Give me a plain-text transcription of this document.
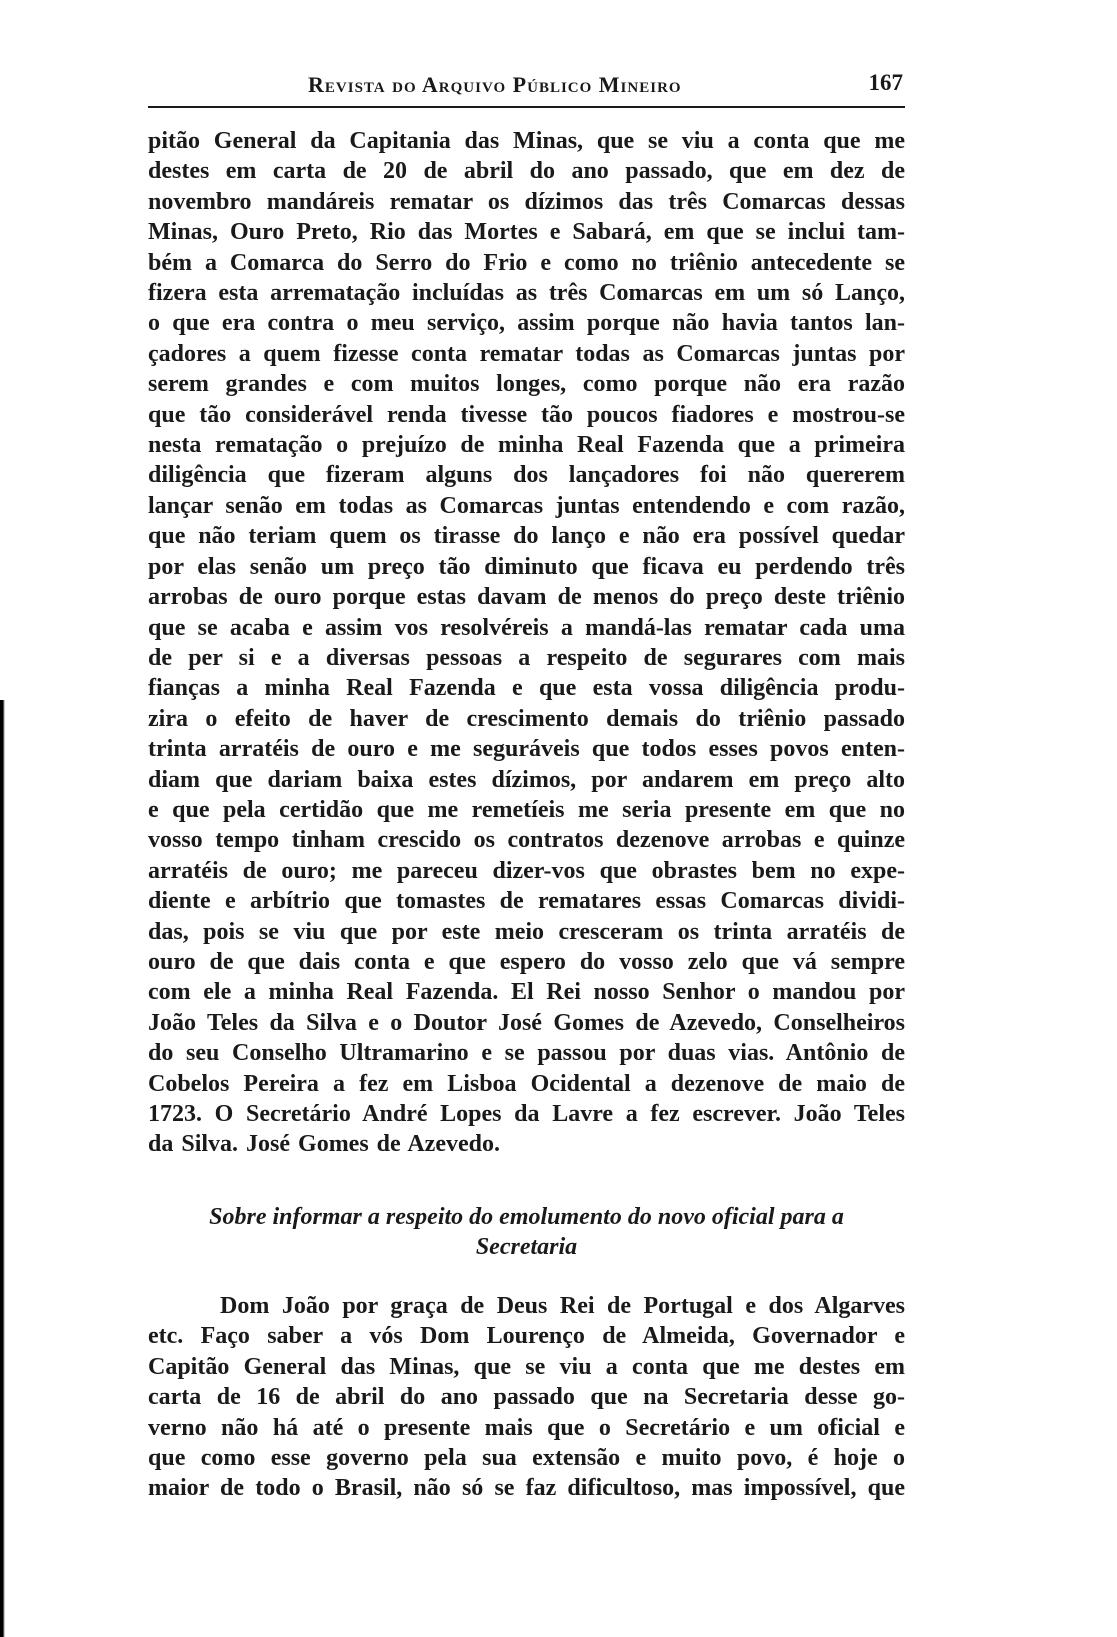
Revista do Arquivo Público Mineiro	167

pitão General da Capitania das Minas, que se viu a conta que me
destes em carta de 20 de abril do ano passado, que em dez de
novembro mandáreis rematar os dízimos das três Comarcas dessas
Minas, Ouro Preto, Rio das Mortes e Sabará, em que se inclui tam-
bém a Comarca do Serro do Frio e como no triênio antecedente se
fizera esta arrematação incluídas as três Comarcas em um só Lanço,
o que era contra o meu serviço, assim porque não havia tantos lan-
çadores a quem fizesse conta rematar todas as Comarcas juntas por
serem grandes e com muitos longes, como porque não era razão
que tão considerável renda tivesse tão poucos fiadores e mostrou-se
nesta rematação o prejuízo de minha Real Fazenda que a primeira
diligência que fizeram alguns dos lançadores foi não quererem
lançar senão em todas as Comarcas juntas entendendo e com razão,
que não teriam quem os tirasse do lanço e não era possível quedar
por elas senão um preço tão diminuto que ficava eu perdendo três
arrobas de ouro porque estas davam de menos do preço deste triênio
que se acaba e assim vos resolvéreis a mandá-las rematar cada uma
de per si e a diversas pessoas a respeito de segurares com mais
fianças a minha Real Fazenda e que esta vossa diligência produ-
zira o efeito de haver de crescimento demais do triênio passado
trinta arratéis de ouro e me seguráveis que todos esses povos enten-
diam que dariam baixa estes dízimos, por andarem em preço alto
e que pela certidão que me remetíeis me seria presente em que no
vosso tempo tinham crescido os contratos dezenove arrobas e quinze
arratéis de ouro; me pareceu dizer-vos que obrastes bem no expe-
diente e arbítrio que tomastes de rematares essas Comarcas dividi-
das, pois se viu que por este meio cresceram os trinta arratéis de
ouro de que dais conta e que espero do vosso zelo que vá sempre
com ele a minha Real Fazenda. El Rei nosso Senhor o mandou por
João Teles da Silva e o Doutor José Gomes de Azevedo, Conselheiros
do seu Conselho Ultramarino e se passou por duas vias. Antônio de
Cobelos Pereira a fez em Lisboa Ocidental a dezenove de maio de
1723. O Secretário André Lopes da Lavre a fez escrever. João Teles
da Silva. José Gomes de Azevedo.

Sobre informar a respeito do emolumento do novo oficial para a
Secretaria

Dom João por graça de Deus Rei de Portugal e dos Algarves
etc. Faço saber a vós Dom Lourenço de Almeida, Governador e
Capitão General das Minas, que se viu a conta que me destes em
carta de 16 de abril do ano passado que na Secretaria desse go-
verno não há até o presente mais que o Secretário e um oficial e
que como esse governo pela sua extensão e muito povo, é hoje o
maior de todo o Brasil, não só se faz dificultoso, mas impossível, que
